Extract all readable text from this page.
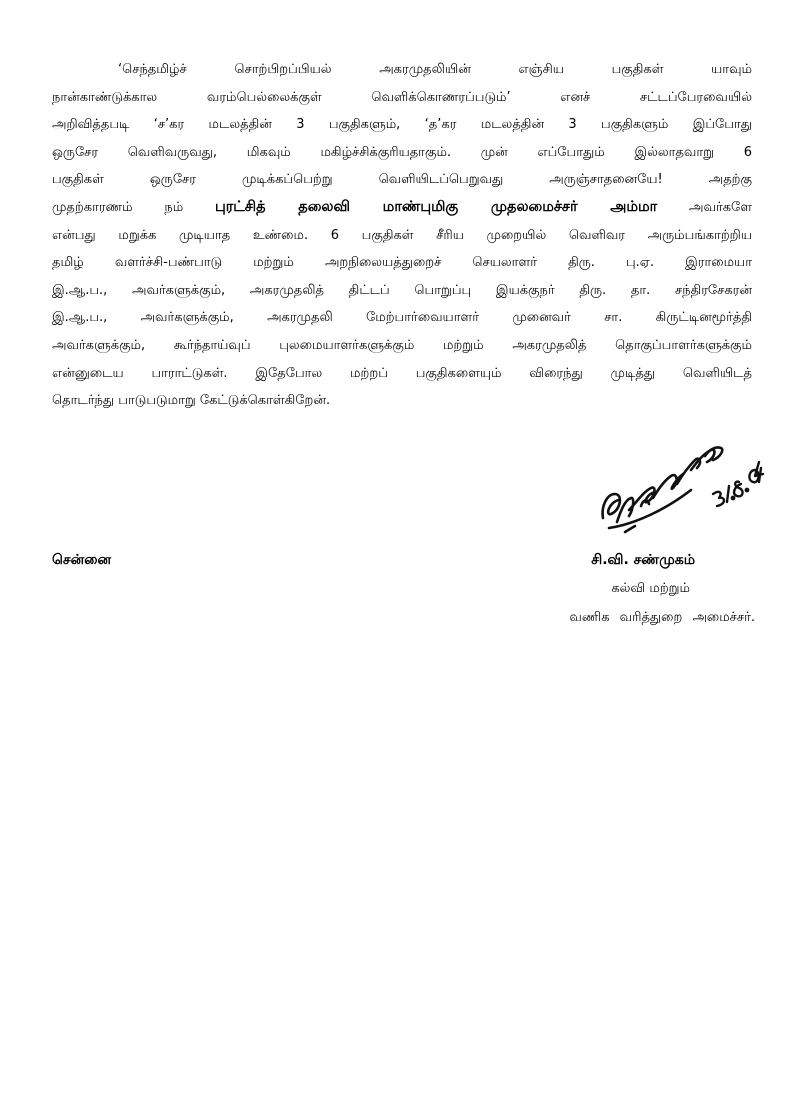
‘செந்தமிழ்ச் சொற்பிறப்பியல் அகரமுதலியின் எஞ்சிய பகுதிகள் யாவும்
நான்காண்டுக்கால வரம்பெல்லைக்குள் வெளிக்கொணரப்படும்’ எனச் சட்டப்பேரவையில்
அறிவித்தபடி ‘ச’கர மடலத்தின் 3 பகுதிகளும், ‘த’கர மடலத்தின் 3 பகுதிகளும் இப்போது
ஒருசேர வெளிவருவது, மிகவும் மகிழ்ச்சிக்குரியதாகும். முன் எப்போதும் இல்லாதவாறு 6
பகுதிகள் ஒருசேர முடிக்கப்பெற்று வெளியிடப்பெறுவது அருஞ்சாதனையே! அதற்கு
முதற்காரணம் நம் புரட்சித் தலைவி மாண்புமிகு முதலமைச்சர் அம்மா அவர்களே
என்பது மறுக்க முடியாத உண்மை. 6 பகுதிகள் சீரிய முறையில் வெளிவர அரும்பங்காற்றிய
தமிழ் வளர்ச்சி-பண்பாடு மற்றும் அறநிலையத்துறைச் செயலாளர் திரு. பு.ஏ. இராமையா
இ.ஆ.ப., அவர்களுக்கும், அகரமுதலித் திட்டப் பொறுப்பு இயக்குநர் திரு. தா. சந்திரசேகரன்
இ.ஆ.ப., அவர்களுக்கும், அகரமுதலி மேற்பார்வையாளர் முனைவர் சா. கிருட்டினமூர்த்தி
அவர்களுக்கும், கூர்ந்தாய்வுப் புலமையாளர்களுக்கும் மற்றும் அகரமுதலித் தொகுப்பாளர்களுக்கும்
என்னுடைய பாராட்டுகள். இதேபோல மற்றப் பகுதிகளையும் விரைந்து முடித்து வெளியிடத்
தொடர்ந்து பாடுபடுமாறு கேட்டுக்கொள்கிறேன்.
சென்னை	சி.வி. சண்முகம்
கல்வி மற்றும்
வணிக வரித்துறை அமைச்சர்.
